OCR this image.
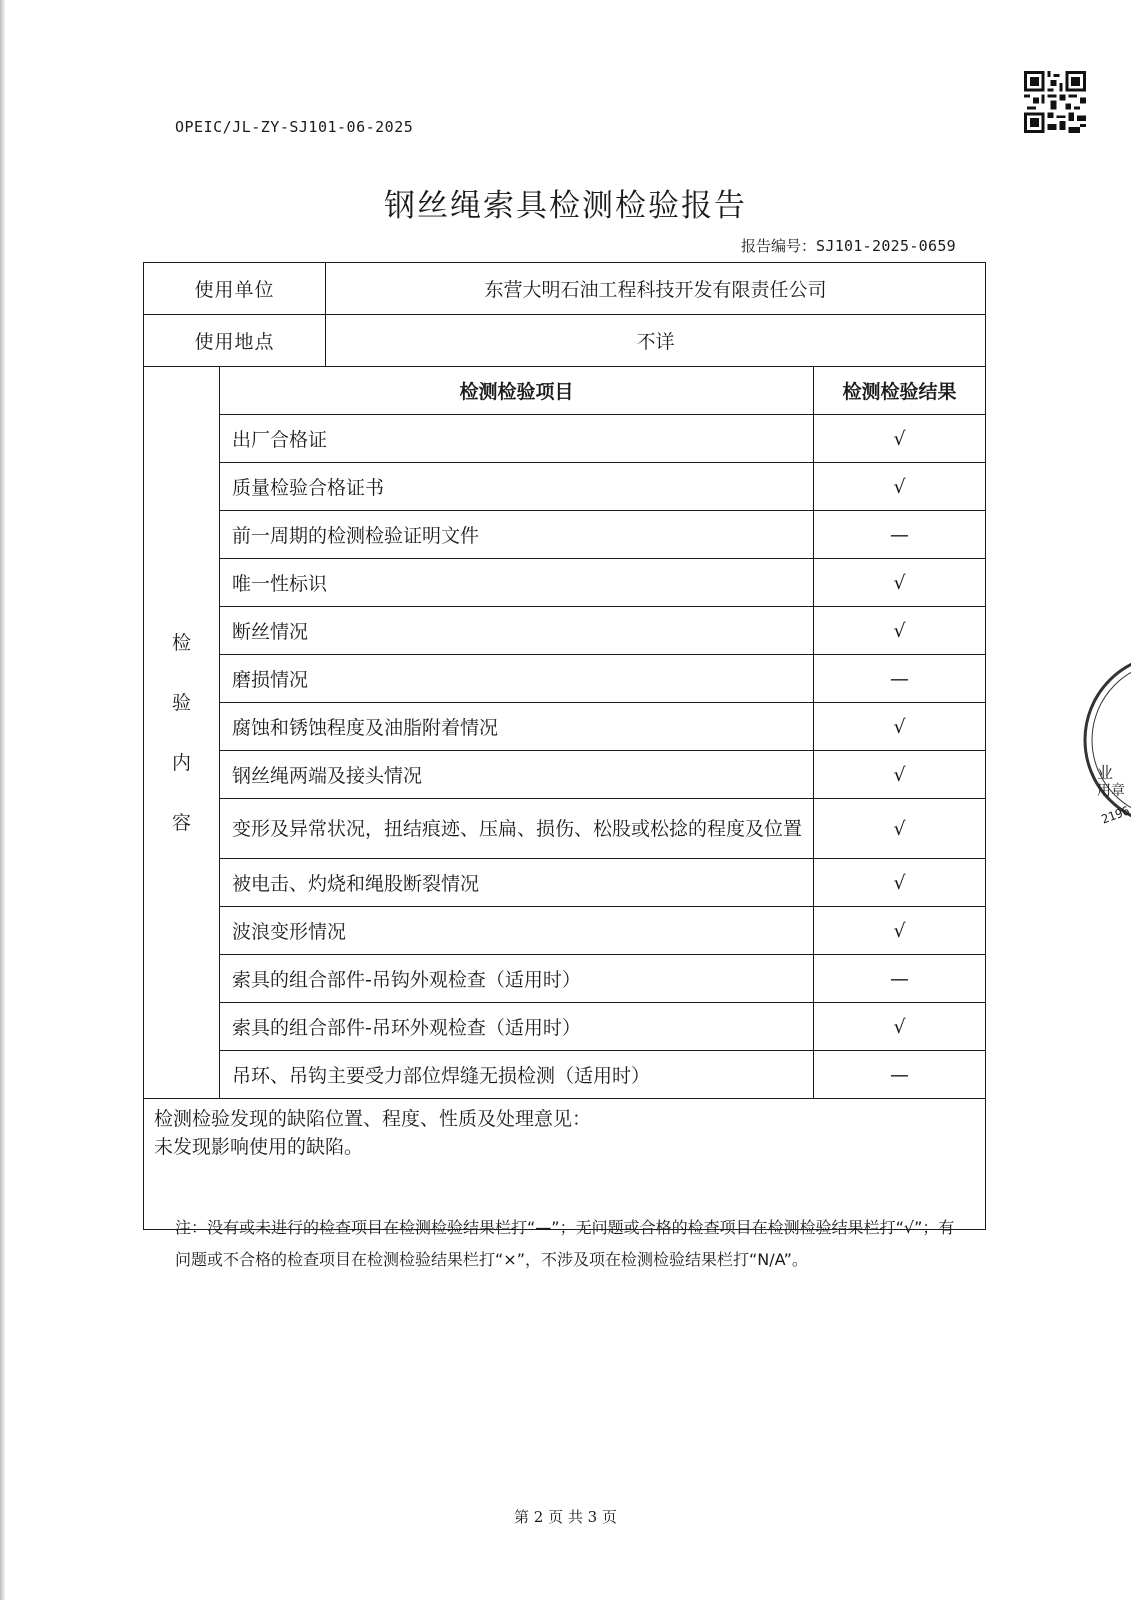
OPEIC/JL-ZY-SJ101-06-2025
钢丝绳索具检测检验报告
报告编号：SJ101-2025-0659
使用单位		东营大明石油工程科技开发有限责任公司	
使用地点		不详	

检
验
内
容	检测检验项目		检测检验结果
	出厂合格证		√
	质量检验合格证书		√
	前一周期的检测检验证明文件		—
	唯一性标识		√
	断丝情况		√
	磨损情况		—
	腐蚀和锈蚀程度及油脂附着情况		√
	钢丝绳两端及接头情况		√
	变形及异常状况，扭结痕迹、压扁、损伤、松股或松捻的程度及位置		√
	被电击、灼烧和绳股断裂情况		√
	波浪变形情况		√
	索具的组合部件-吊钩外观检查（适用时）		—
	索具的组合部件-吊环外观检查（适用时）		√
	吊环、吊钩主要受力部位焊缝无损检测（适用时）		—

检测检验发现的缺陷位置、程度、性质及处理意见：
未发现影响使用的缺陷。			
注：没有或未进行的检查项目在检测检验结果栏打“—”；无问题或合格的检查项目在检测检验结果栏打“√”；有问题或不合格的检查项目在检测检验结果栏打“×”，不涉及项在检测检验结果栏打“N/A”。
第 2 页 共 3 页
业
用章
2196
